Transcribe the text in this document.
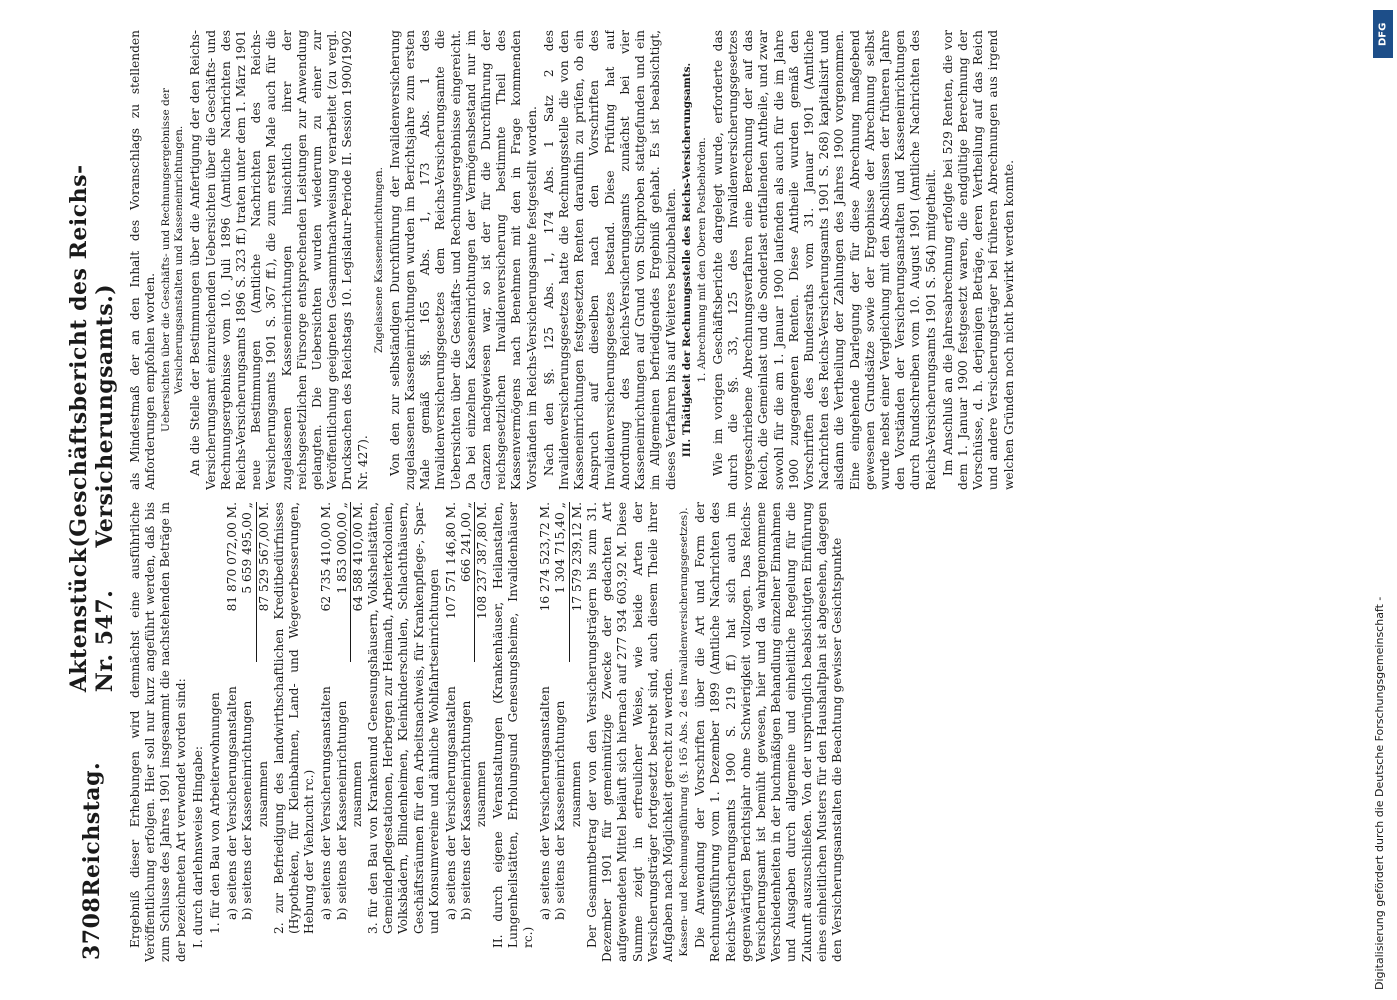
3708
Reichstag.
Aktenstück Nr. 547.
(Geschäftsbericht des Reichs-Versicherungsamts.)

Ergebniß dieser Erhebungen wird demnächst eine ausführliche Veröffentlichung erfolgen. Hier soll nur kurz angeführt werden, daß bis zum Schlusse des Jahres 1901 insgesammt die nachstehenden Beträge in der bezeichneten Art verwendet worden sind: I. durch darlehnsweise Hingabe: 1. für den Bau von Arbeiterwohnungen a) seitens der Versicherungsanstalten
81 870 072,00 M.
b) seitens der Kasseneinrichtungen
5 659 495,00 „
zusammen
87 529 567,00 M. 2. zur Befriedigung des landwirthschaftlichen Kreditbedürfnisses (Hypotheken, für Kleinbahnen, Land- und Wegeverbesserungen, Hebung der Viehzucht rc.) a) seitens der Versicherungsanstalten
62 735 410,00 M.
b) seitens der Kasseneinrichtungen
1 853 000,00 „
zusammen
64 588 410,00 M. 3. für den Bau von Krankenund Genesungshäusern, Volksheilstätten, Gemeindepflegestationen, Herbergen zur Heimath, Arbeiterkolonien, Volksbädern, Blindenheimen, Kleinkinderschulen, Schlachthäusern, Geschäftsräumen für den Arbeitsnachweis, für Krankenpflege-, Spar- und Konsumvereine und ähnliche Wohlfahrtseinrichtungen a) seitens der Versicherungsanstalten
107 571 146,80 M.
b) seitens der Kasseneinrichtungen
666 241,00 „
zusammen
108 237 387,80 M. II. durch eigene Veranstaltungen (Krankenhäuser, Heilanstalten, Lungenheilstätten, Erholungsund Genesungsheime, Invalidenhäuser rc.)

a) seitens der Versicherungsanstalten
16 274 523,72 M.
b) seitens der Kasseneinrichtungen
1 304 715,40 „
zusammen
17 579 239,12 M. Der Gesammtbetrag der von den Versicherungsträgern bis zum 31. Dezember 1901 für gemeinnützige Zwecke der gedachten Art aufgewendeten Mittel beläuft sich hiernach auf 277 934 603,92 M. Diese Summe zeigt in erfreulicher Weise, wie beide Arten der Versicherungsträger fortgesetzt bestrebt sind, auch diesem Theile ihrer Aufgaben nach Möglichkeit gerecht zu werden. Kassen- und Rechnungsführung (§. 165 Abs. 2 des Invalidenversicherungsgesetzes). Die Anwendung der Vorschriften über die Art und Form der Rechnungsführung vom 1. Dezember 1899 (Amtliche Nachrichten des Reichs-Versicherungsamts 1900 S. 219 ff.) hat sich auch im gegenwärtigen Berichtsjahr ohne Schwierigkeit vollzogen. Das Reichs-Versicherungsamt ist bemüht gewesen, hier und da wahrgenommene Verschiedenheiten in der buchmäßigen Behandlung einzelner Einnahmen und Ausgaben durch allgemeine und einheitliche Regelung für die Zukunft auszuschließen. Von der ursprünglich beabsichtigten Einführung eines einheitlichen Musters für den Haushaltplan ist abgesehen, dagegen den Versicherungsanstalten die Beachtung gewisser Gesichtspunkte

als Mindestmaß der an den Inhalt des Voranschlags zu stellenden Anforderungen empfohlen worden. Uebersichten über die Geschäfts- und Rechnungsergebnisse der Versicherungsanstalten und Kasseneinrichtungen. An die Stelle der Bestimmungen über die Anfertigung der den Reichs-Versicherungsamt einzureichenden Uebersichten über die Geschäfts- und Rechnungsergebnisse vom 10. Juli 1896 (Amtliche Nachrichten des Reichs-Versicherungsamts 1896 S. 323 ff.) traten unter dem 1. März 1901 neue Bestimmungen (Amtliche Nachrichten des Reichs-Versicherungsamts 1901 S. 367 ff.), die zum ersten Male auch für die zugelassenen Kasseneinrichtungen hinsichtlich ihrer der reichsgesetzlichen Fürsorge entsprechenden Leistungen zur Anwendung gelangten. Die Uebersichten wurden wiederum zu einer zur Veröffentlichung geeigneten Gesammtnachweisung verarbeitet (zu vergl. Drucksachen des Reichstags 10. Legislatur-Periode II. Session 1900/1902 Nr. 427).

Zugelassene Kasseneinrichtungen. Von den zur selbständigen Durchführung der Invalidenversicherung zugelassenen Kasseneinrichtungen wurden im Berichtsjahre zum ersten Male gemäß §§. 165 Abs. 1, 173 Abs. 1 des Invalidenversicherungsgesetzes dem Reichs-Versicherungsamte die Uebersichten über die Geschäfts- und Rechnungsergebnisse eingereicht. Da bei einzelnen Kasseneinrichtungen der Vermögensbestand nur im Ganzen nachgewiesen war, so ist der für die Durchführung der reichsgesetzlichen Invalidenversicherung bestimmte Theil des Kassenvermögens nach Benehmen mit den in Frage kommenden Vorständen im Reichs-Versicherungsamte festgestellt worden. Nach den §§. 125 Abs. 1, 174 Abs. 1 Satz 2 des Invalidenversicherungsgesetzes hatte die Rechnungsstelle die von den Kasseneinrichtungen festgesetzten Renten daraufhin zu prüfen, ob ein Anspruch auf dieselben nach den Vorschriften des Invalidenversicherungsgesetzes bestand. Diese Prüfung hat auf Anordnung des Reichs-Versicherungsamts zunächst bei vier Kasseneinrichtungen auf Grund von Stichproben stattgefunden und ein im Allgemeinen befriedigendes Ergebniß gehabt. Es ist beabsichtigt, dieses Verfahren bis auf Weiteres beizubehalten. III. Thätigkeit der Rechnungsstelle des Reichs-Versicherungsamts. 1. Abrechnung mit den Oberen Postbehörden. Wie im vorigen Geschäftsberichte dargelegt wurde, erforderte das durch die §§. 33, 125 des Invalidenversicherungsgesetzes vorgeschriebene Abrechnungsverfahren eine Berechnung der auf das Reich, die Gemeinlast und die Sonderlast entfallenden Antheile, und zwar sowohl für die am 1. Januar 1900 laufenden als auch für die im Jahre 1900 zugegangenen Renten. Diese Antheile wurden gemäß den Vorschriften des Bundesraths vom 31. Januar 1901 (Amtliche Nachrichten des Reichs-Versicherungsamts 1901 S. 268) kapitalisirt und alsdann die Vertheilung der Zahlungen des Jahres 1900 vorgenommen. Eine eingehende Darlegung der für diese Abrechnung maßgebend gewesenen Grundsätze sowie der Ergebnisse der Abrechnung selbst wurde nebst einer Vergleichung mit den Abschlüssen der früheren Jahre den Vorständen der Versicherungsanstalten und Kasseneinrichtungen durch Rundschreiben vom 10. August 1901 (Amtliche Nachrichten des Reichs-Versicherungsamts 1901 S. 564) mitgetheilt. Im Anschluß an die Jahresabrechnung erfolgte bei 529 Renten, die vor dem 1. Januar 1900 festgesetzt waren, die endgültige Berechnung der Vorschüsse, d. h. derjenigen Beträge, deren Vertheilung auf das Reich und andere Versicherungsträger bei früheren Abrechnungen aus irgend welchen Gründen noch nicht bewirkt werden konnte.

DFG
Digitalisierung gefördert durch die Deutsche Forschungsgemeinschaft -
